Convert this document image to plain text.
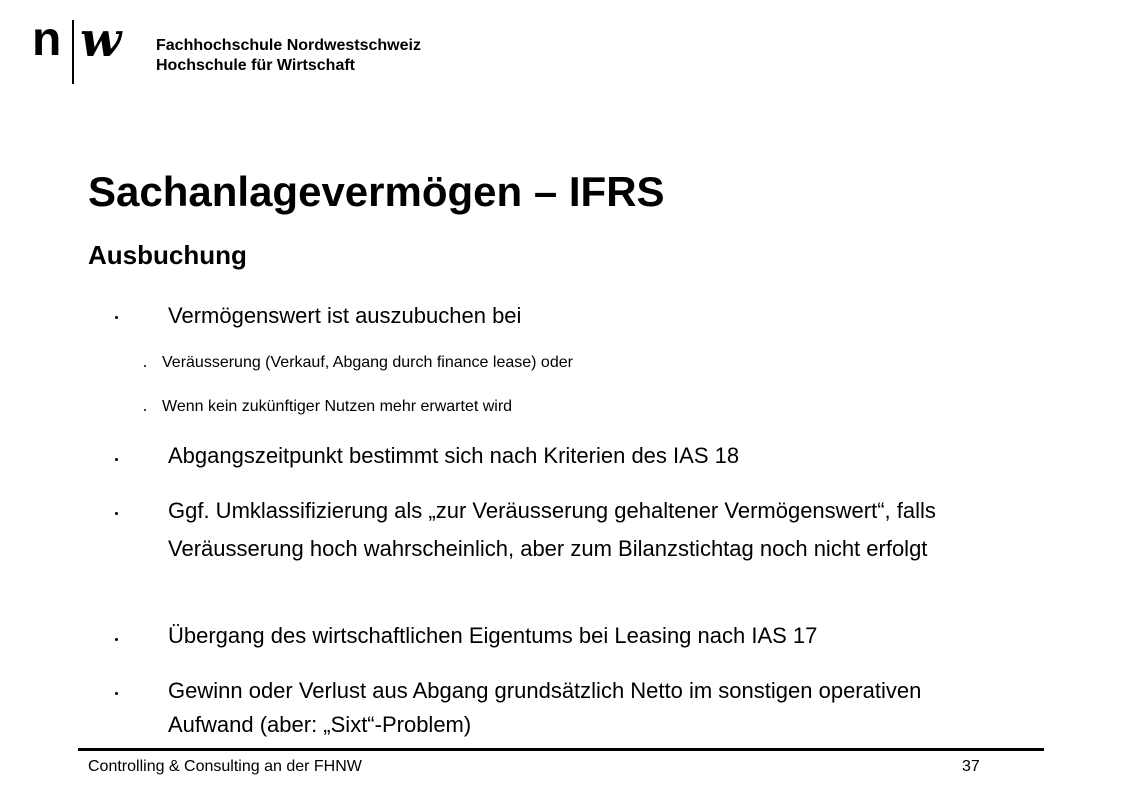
n w Fachhochschule Nordwestschweiz
Hochschule für Wirtschaft
Sachanlagevermögen – IFRS
Ausbuchung
Vermögenswert ist auszubuchen bei
Veräusserung (Verkauf, Abgang durch finance lease) oder
Wenn kein zukünftiger Nutzen mehr erwartet wird
Abgangszeitpunkt bestimmt sich nach Kriterien des IAS 18
Ggf. Umklassifizierung als „zur Veräusserung gehaltener Vermögenswert“, falls Veräusserung hoch wahrscheinlich, aber zum Bilanzstichtag noch nicht erfolgt
Übergang des wirtschaftlichen Eigentums bei Leasing nach IAS 17
Gewinn oder Verlust aus Abgang grundsätzlich Netto im sonstigen operativen Aufwand (aber: „Sixt“-Problem)
Controlling & Consulting an der FHNW	37
